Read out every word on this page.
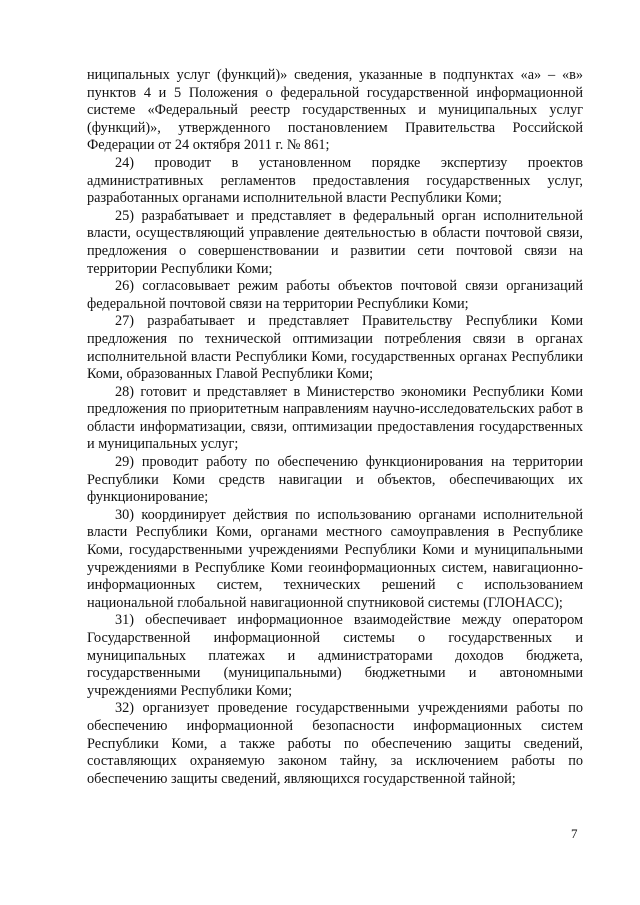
ниципальных услуг (функций)» сведения, указанные в подпунктах «а» – «в» пунктов 4 и 5 Положения о федеральной государственной информационной системе «Федеральный реестр государственных и муниципальных услуг (функций)», утвержденного постановлением Правительства Российской Федерации от 24 октября 2011 г. № 861;

24) проводит в установленном порядке экспертизу проектов административных регламентов предоставления государственных услуг, разработанных органами исполнительной власти Республики Коми;

25) разрабатывает и представляет в федеральный орган исполнительной власти, осуществляющий управление деятельностью в области почтовой связи, предложения о совершенствовании и развитии сети почтовой связи на территории Республики Коми;

26) согласовывает режим работы объектов почтовой связи организаций федеральной почтовой связи на территории Республики Коми;

27) разрабатывает и представляет Правительству Республики Коми предложения по технической оптимизации потребления связи в органах исполнительной власти Республики Коми, государственных органах Республики Коми, образованных Главой Республики Коми;

28) готовит и представляет в Министерство экономики Республики Коми предложения по приоритетным направлениям научно-исследовательских работ в области информатизации, связи, оптимизации предоставления государственных и муниципальных услуг;

29) проводит работу по обеспечению функционирования на территории Республики Коми средств навигации и объектов, обеспечивающих их функционирование;

30) координирует действия по использованию органами исполнительной власти Республики Коми, органами местного самоуправления в Республике Коми, государственными учреждениями Республики Коми и муниципальными учреждениями в Республике Коми геоинформационных систем, навигационно-информационных систем, технических решений с использованием национальной глобальной навигационной спутниковой системы (ГЛОНАСС);

31) обеспечивает информационное взаимодействие между оператором Государственной информационной системы о государственных и муниципальных платежах и администраторами доходов бюджета, государственными (муниципальными) бюджетными и автономными учреждениями Республики Коми;

32) организует проведение государственными учреждениями работы по обеспечению информационной безопасности информационных систем Республики Коми, а также работы по обеспечению защиты сведений, составляющих охраняемую законом тайну, за исключением работы по обеспечению защиты сведений, являющихся государственной тайной;

7
